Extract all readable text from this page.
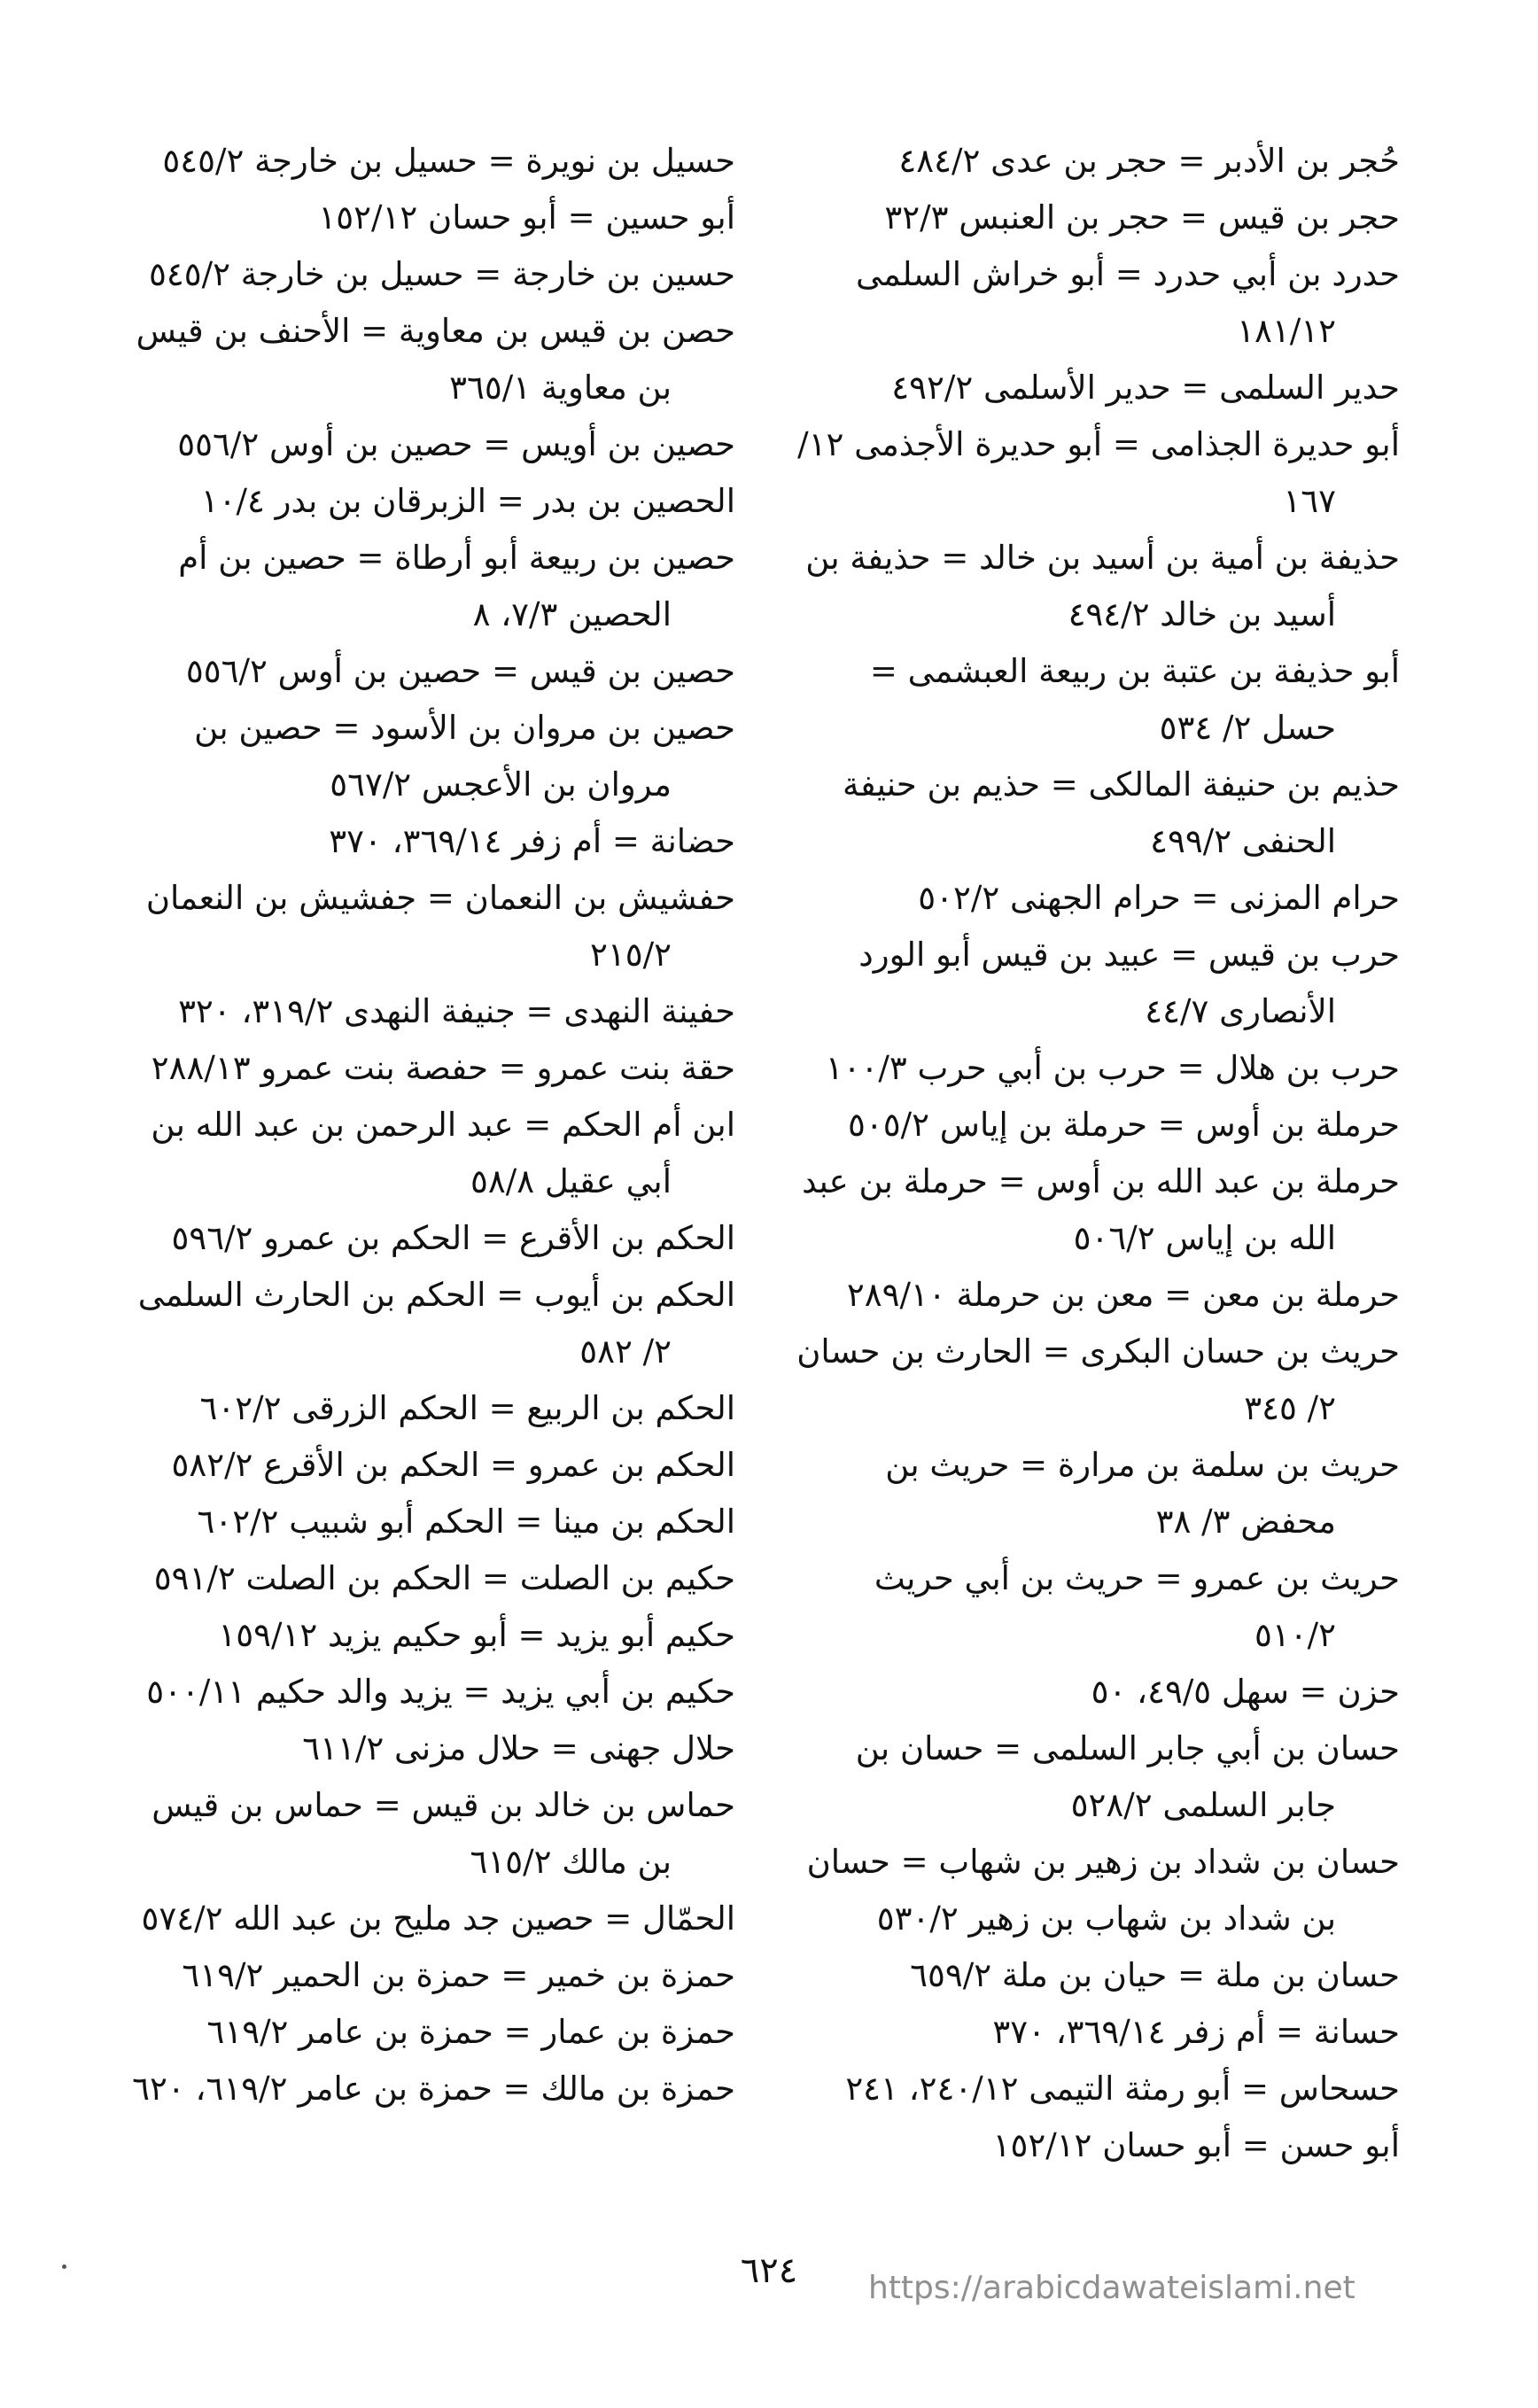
حُجر بن الأدبر = حجر بن عدى ٤٨٤/٢
حجر بن قيس = حجر بن العنبس ٣٢/٣
حدرد بن أبي حدرد = أبو خراش السلمى ١٨١/١٢
حدير السلمى = حدير الأسلمى ٤٩٢/٢
أبو حديرة الجذامى = أبو حديرة الأجذمى ١٢/ ١٦٧
حذيفة بن أمية بن أسيد بن خالد = حذيفة بن أسيد بن خالد ٤٩٤/٢
أبو حذيفة بن عتبة بن ربيعة العبشمى = حسل ٢/ ٥٣٤
حذيم بن حنيفة المالكى = حذيم بن حنيفة الحنفى ٤٩٩/٢
حرام المزنى = حرام الجهنى ٥٠٢/٢
حرب بن قيس = عبيد بن قيس أبو الورد الأنصارى ٤٤/٧
حرب بن هلال = حرب بن أبي حرب ١٠٠/٣
حرملة بن أوس = حرملة بن إياس ٥٠٥/٢
حرملة بن عبد الله بن أوس = حرملة بن عبد الله بن إياس ٥٠٦/٢
حرملة بن معن = معن بن حرملة ٢٨٩/١٠
حريث بن حسان البكرى = الحارث بن حسان ٢/ ٣٤٥
حريث بن سلمة بن مرارة = حريث بن محفض ٣/ ٣٨
حريث بن عمرو = حريث بن أبي حريث ٥١٠/٢
حزن = سهل ٤٩/٥، ٥٠
حسان بن أبي جابر السلمى = حسان بن جابر السلمى ٥٢٨/٢
حسان بن شداد بن زهير بن شهاب = حسان بن شداد بن شهاب بن زهير ٥٣٠/٢
حسان بن ملة = حيان بن ملة ٦٥٩/٢
حسانة = أم زفر ٣٦٩/١٤، ٣٧٠
حسحاس = أبو رمثة التيمى ٢٤٠/١٢، ٢٤١
أبو حسن = أبو حسان ١٥٢/١٢
حسيل بن نويرة = حسيل بن خارجة ٥٤٥/٢
أبو حسين = أبو حسان ١٥٢/١٢
حسين بن خارجة = حسيل بن خارجة ٥٤٥/٢
حصن بن قيس بن معاوية = الأحنف بن قيس بن معاوية ٣٦٥/١
حصين بن أويس = حصين بن أوس ٥٥٦/٢
الحصين بن بدر = الزبرقان بن بدر ١٠/٤
حصين بن ربيعة أبو أرطاة = حصين بن أم الحصين ٧/٣، ٨
حصين بن قيس = حصين بن أوس ٥٥٦/٢
حصين بن مروان بن الأسود = حصين بن مروان بن الأعجس ٥٦٧/٢
حضانة = أم زفر ٣٦٩/١٤، ٣٧٠
حفشيش بن النعمان = جفشيش بن النعمان ٢١٥/٢
حفينة النهدى = جنيفة النهدى ٣١٩/٢، ٣٢٠
حقة بنت عمرو = حفصة بنت عمرو ٢٨٨/١٣
ابن أم الحكم = عبد الرحمن بن عبد الله بن أبي عقيل ٥٨/٨
الحكم بن الأقرع = الحكم بن عمرو ٥٩٦/٢
الحكم بن أيوب = الحكم بن الحارث السلمى ٢/ ٥٨٢
الحكم بن الربيع = الحكم الزرقى ٦٠٢/٢
الحكم بن عمرو = الحكم بن الأقرع ٥٨٢/٢
الحكم بن مينا = الحكم أبو شبيب ٦٠٢/٢
حكيم بن الصلت = الحكم بن الصلت ٥٩١/٢
حكيم أبو يزيد = أبو حكيم يزيد ١٥٩/١٢
حكيم بن أبي يزيد = يزيد والد حكيم ٥٠٠/١١
حلال جهنى = حلال مزنى ٦١١/٢
حماس بن خالد بن قيس = حماس بن قيس بن مالك ٦١٥/٢
الحمّال = حصين جد مليح بن عبد الله ٥٧٤/٢
حمزة بن خمير = حمزة بن الحمير ٦١٩/٢
حمزة بن عمار = حمزة بن عامر ٦١٩/٢
حمزة بن مالك = حمزة بن عامر ٦١٩/٢، ٦٢٠
٦٢٤	https://arabicdawateislami.net
